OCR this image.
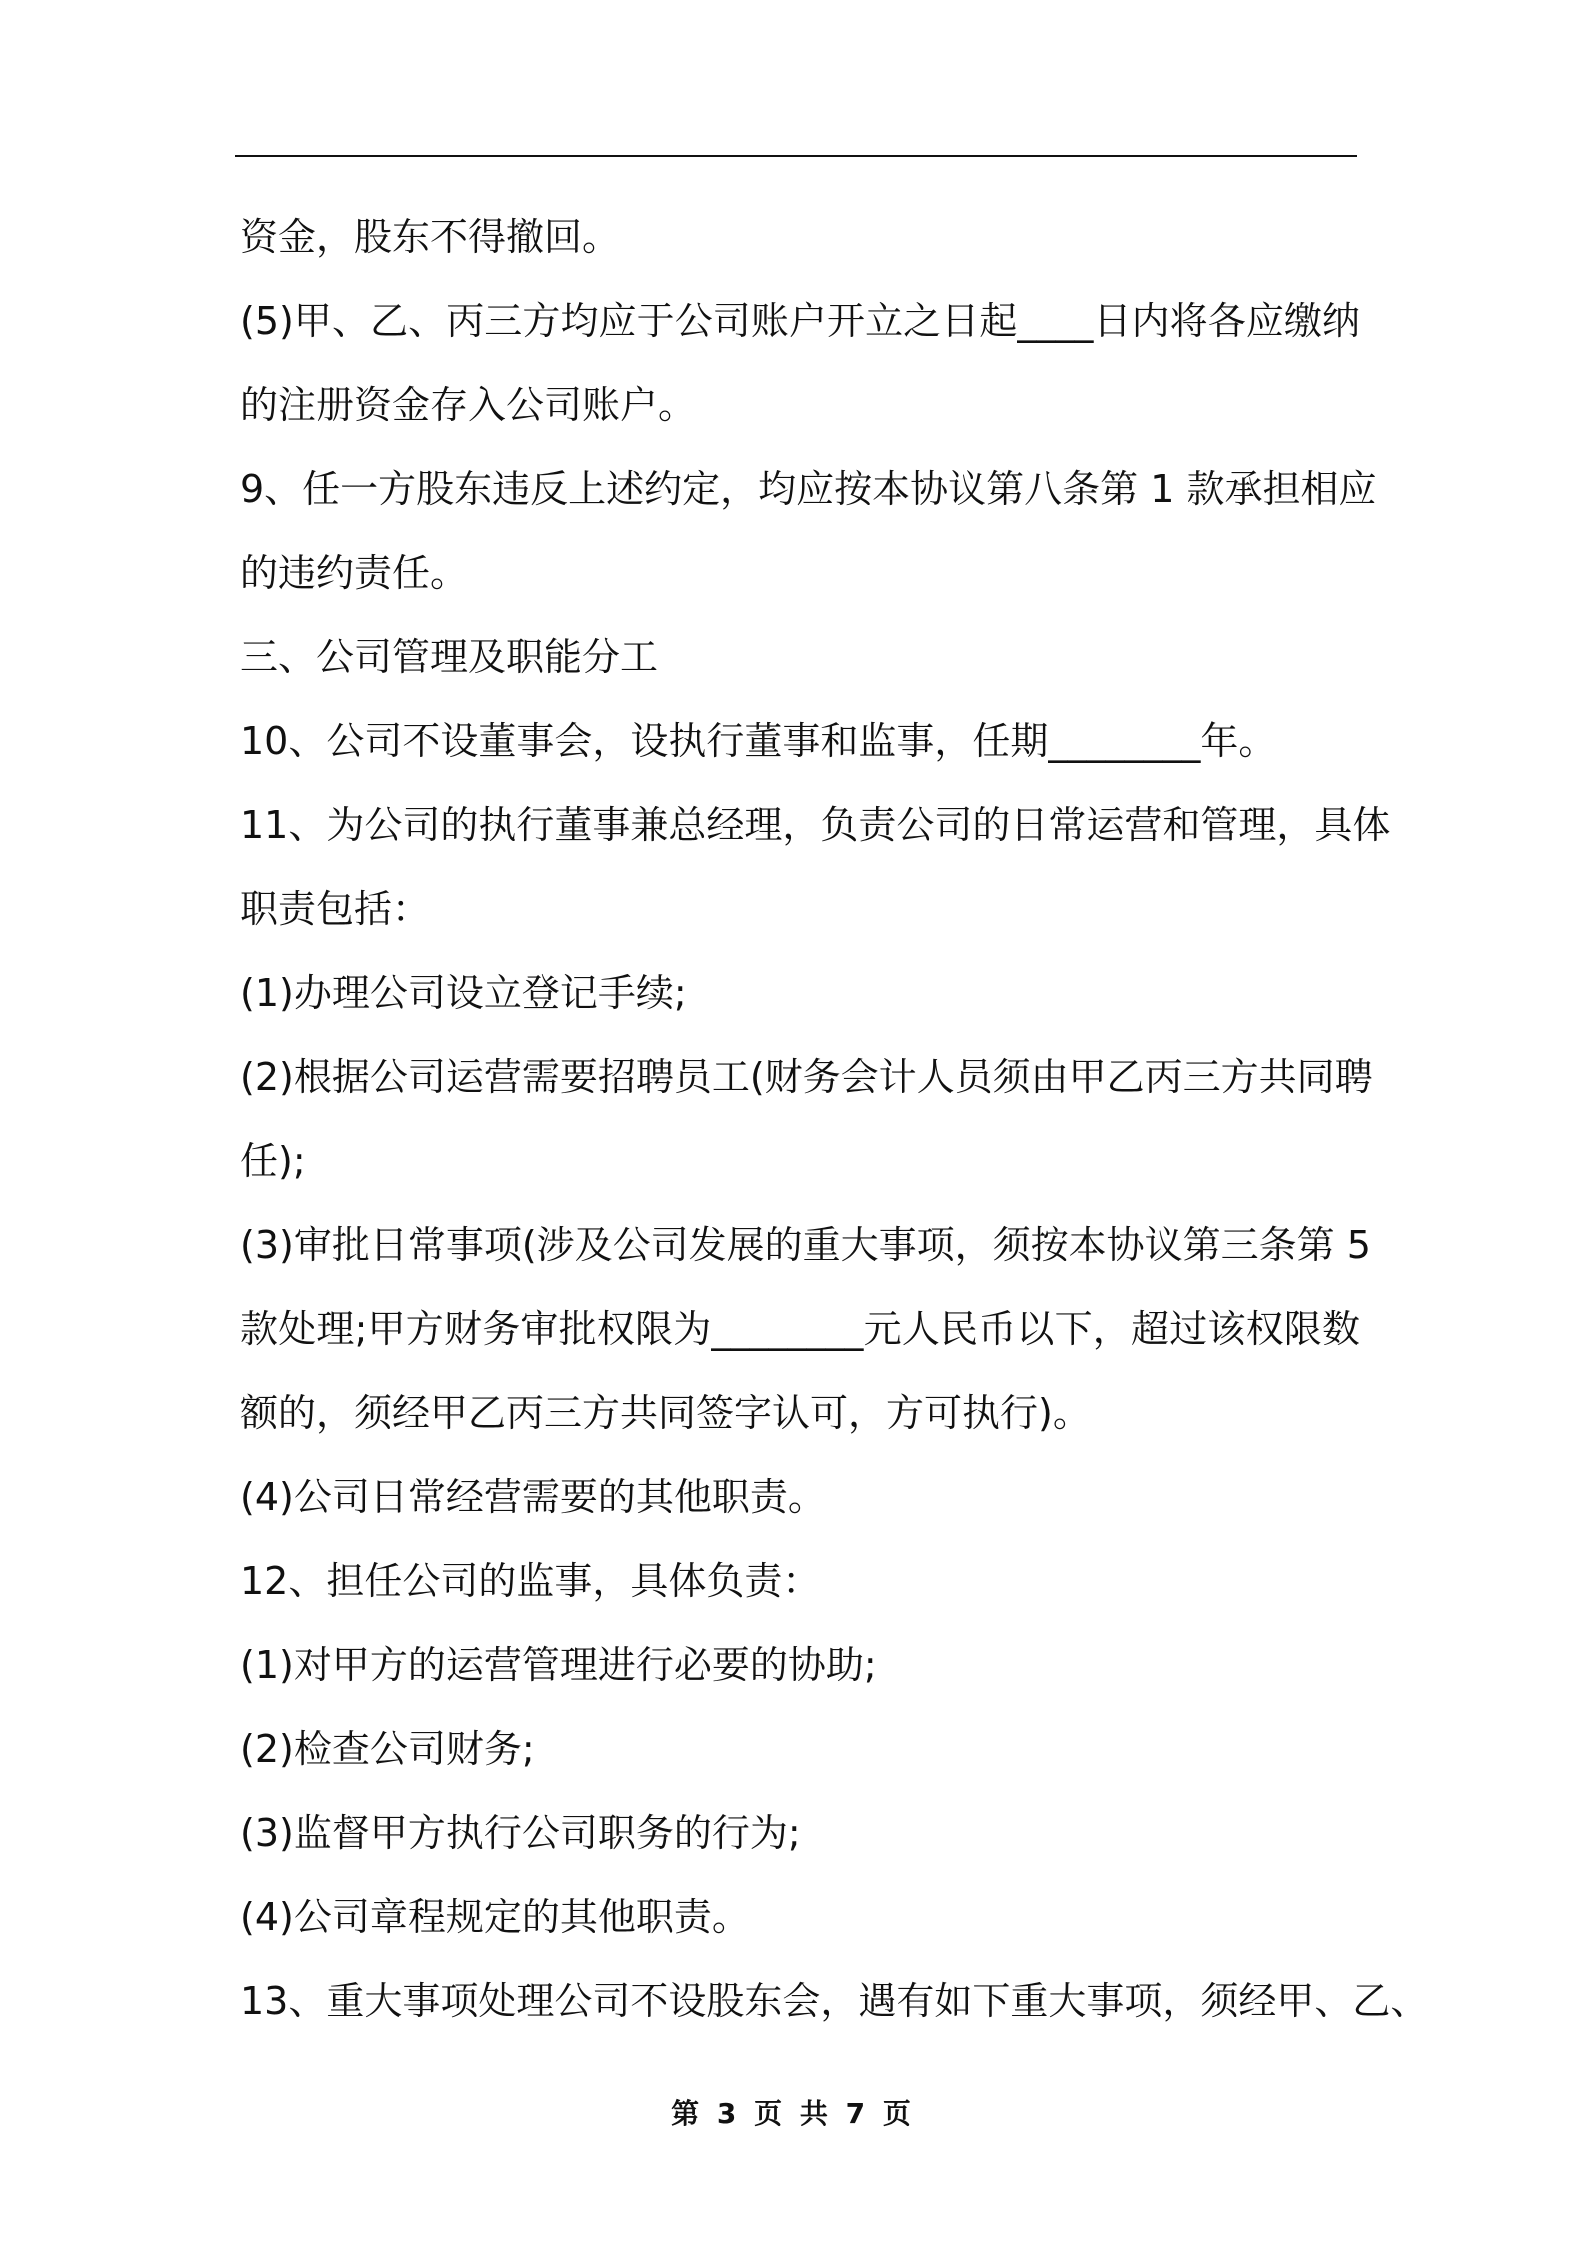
资金，股东不得撤回。
(5)甲、乙、丙三方均应于公司账户开立之日起____日内将各应缴纳
的注册资金存入公司账户。
9、任一方股东违反上述约定，均应按本协议第八条第 1 款承担相应
的违约责任。
三、公司管理及职能分工
10、公司不设董事会，设执行董事和监事，任期________年。
11、为公司的执行董事兼总经理，负责公司的日常运营和管理，具体
职责包括：
(1)办理公司设立登记手续;
(2)根据公司运营需要招聘员工(财务会计人员须由甲乙丙三方共同聘
任);
(3)审批日常事项(涉及公司发展的重大事项，须按本协议第三条第 5
款处理;甲方财务审批权限为________元人民币以下，超过该权限数
额的，须经甲乙丙三方共同签字认可，方可执行)。
(4)公司日常经营需要的其他职责。
12、担任公司的监事，具体负责：
(1)对甲方的运营管理进行必要的协助;
(2)检查公司财务;
(3)监督甲方执行公司职务的行为;
(4)公司章程规定的其他职责。
13、重大事项处理公司不设股东会，遇有如下重大事项，须经甲、乙、
第 3 页 共 7 页
